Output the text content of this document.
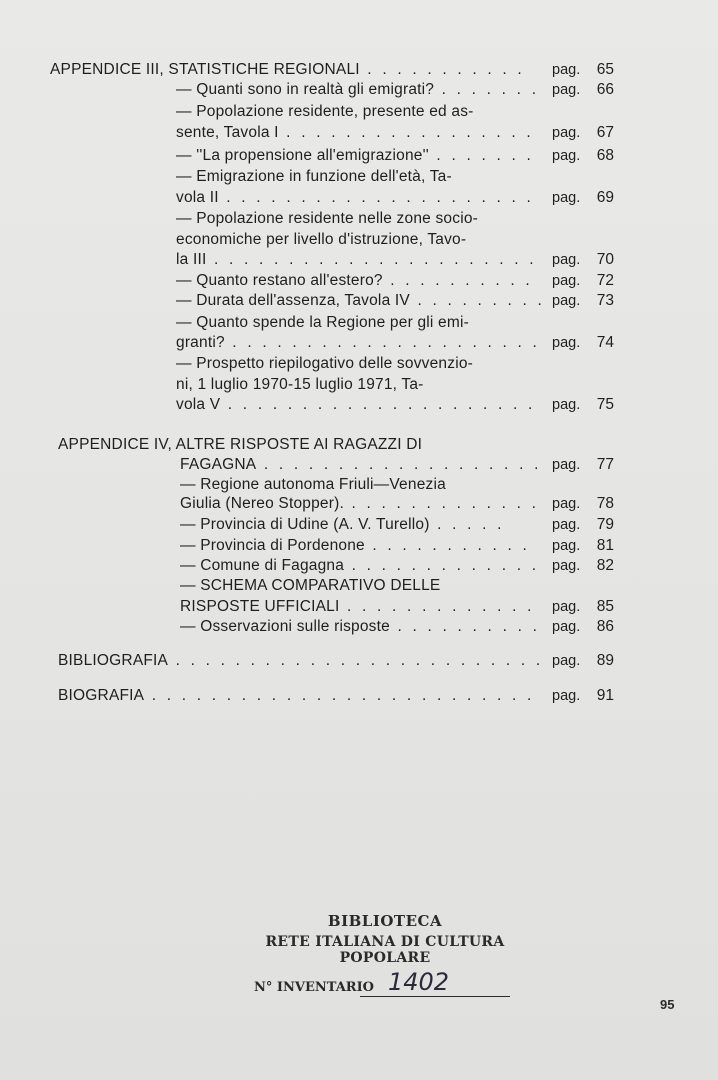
APPENDICE III, STATISTICHE REGIONALI . . . . . . . . . . . pag.	65
— Quanti sono in realtà gli emigrati? . . . . . . . pag.	66
— Popolazione residente, presente ed as-
sente, Tavola I . . . . . . . . . . . . . . . . . pag.	67
— ''La propensione all'emigrazione'' . . . . . . . pag.	68
— Emigrazione in funzione dell'età, Ta-
vola II . . . . . . . . . . . . . . . . . . . . . pag.	69
— Popolazione residente nelle zone socio-
economiche per livello d'istruzione, Tavo-
la III . . . . . . . . . . . . . . . . . . . . . . pag.	70
— Quanto restano all'estero? . . . . . . . . . . pag.	72
— Durata dell'assenza, Tavola IV . . . . . . . . . pag.	73
— Quanto spende la Regione per gli emi-
granti? . . . . . . . . . . . . . . . . . . . . . pag.	74
— Prospetto riepilogativo delle sovvenzio-
ni, 1 luglio 1970-15 luglio 1971, Ta-
vola V . . . . . . . . . . . . . . . . . . . . . pag.	75
APPENDICE IV, ALTRE RISPOSTE AI RAGAZZI DI
FAGAGNA . . . . . . . . . . . . . . . . . . . pag.	77
— Regione autonoma Friuli—Venezia
Giulia (Nereo Stopper). . . . . . . . . . . . . . pag.	78
— Provincia di Udine (A. V. Turello) . . . . .	pag.	79
— Provincia di Pordenone . . . . . . . . . . . pag.	81
— Comune di Fagagna . . . . . . . . . . . . . pag.	82
— SCHEMA COMPARATIVO DELLE
RISPOSTE UFFICIALI . . . . . . . . . . . . . pag.	85
— Osservazioni sulle risposte . . . . . . . . . . pag.	86
BIBLIOGRAFIA . . . . . . . . . . . . . . . . . . . . . . . . . pag.	89
BIOGRAFIA . . . . . . . . . . . . . . . . . . . . . . . . . . pag.	91
BIBLIOTECA
RETE ITALIANA DI CULTURA POPOLARE
N° INVENTARIO 1402
95
